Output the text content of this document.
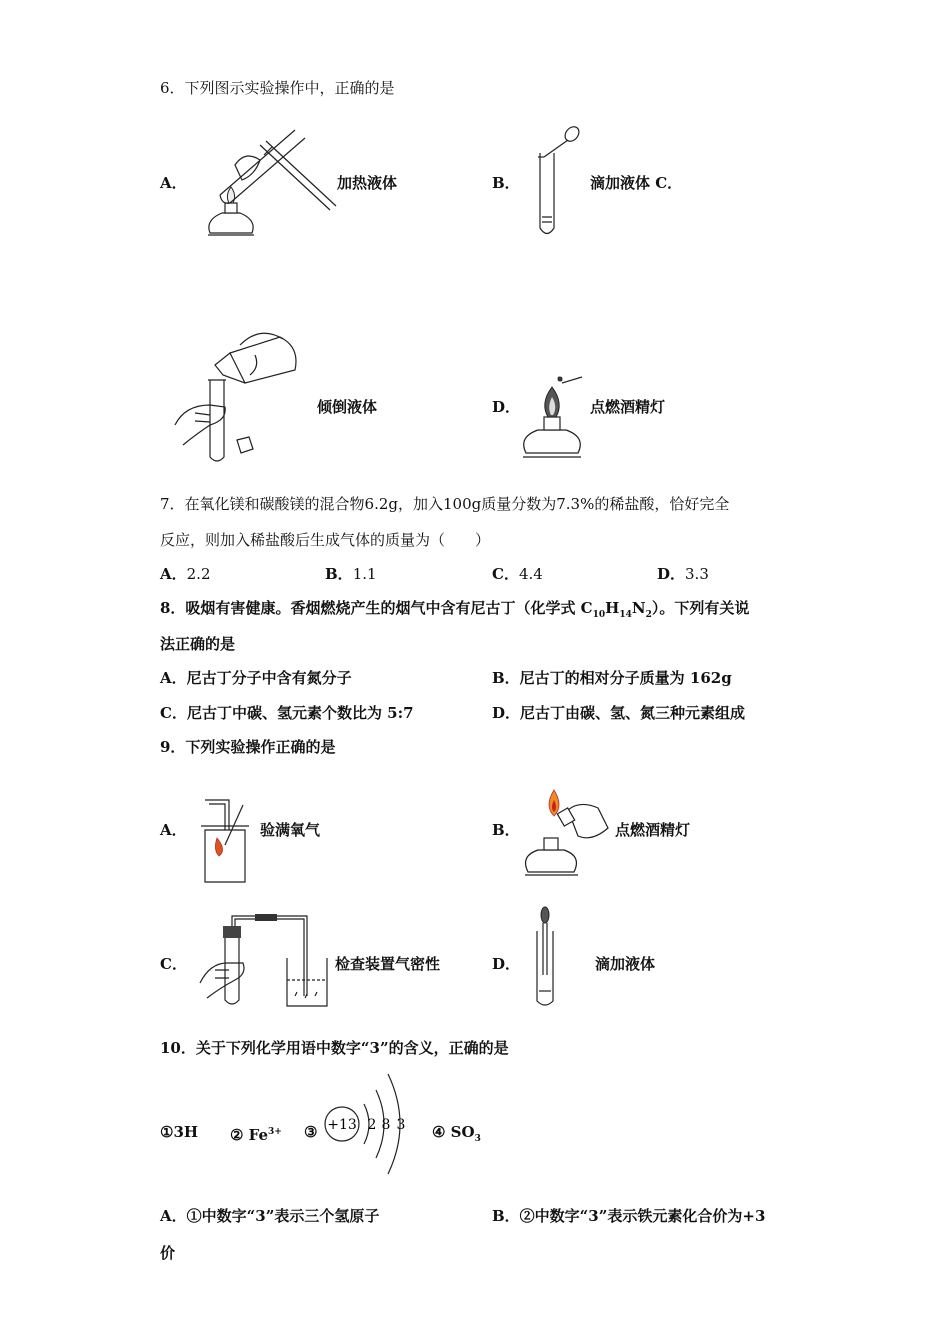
6．下列图示实验操作中，正确的是
A．	加热液体	B．	滴加液体 C．
倾倒液体	D．	点燃酒精灯
7．在氧化镁和碳酸镁的混合物6.2g，加入100g质量分数为7.3%的稀盐酸，恰好完全
反应，则加入稀盐酸后生成气体的质量为（　　）
A．2.2	B．1.1	C．4.4	D．3.3
8．吸烟有害健康。香烟燃烧产生的烟气中含有尼古丁（化学式 $C_{10}H_{14}N_2$）。下列有关说
法正确的是
A．尼古丁分子中含有氮分子	B．尼古丁的相对分子质量为 162g
C．尼古丁中碳、氢元素个数比为 5:7	D．尼古丁由碳、氢、氮三种元素组成
9．下列实验操作正确的是
A．	验满氧气	B．	点燃酒精灯
C．	检查装置气密性	D．	滴加液体
10．关于下列化学用语中数字“3”的含义，正确的是
①3H ② $Fe^{3+}$ ③ +13 2 8 3 ④ $SO_3$
A．①中数字“3”表示三个氢原子	B．②中数字“3”表示铁元素化合价为+3
价
